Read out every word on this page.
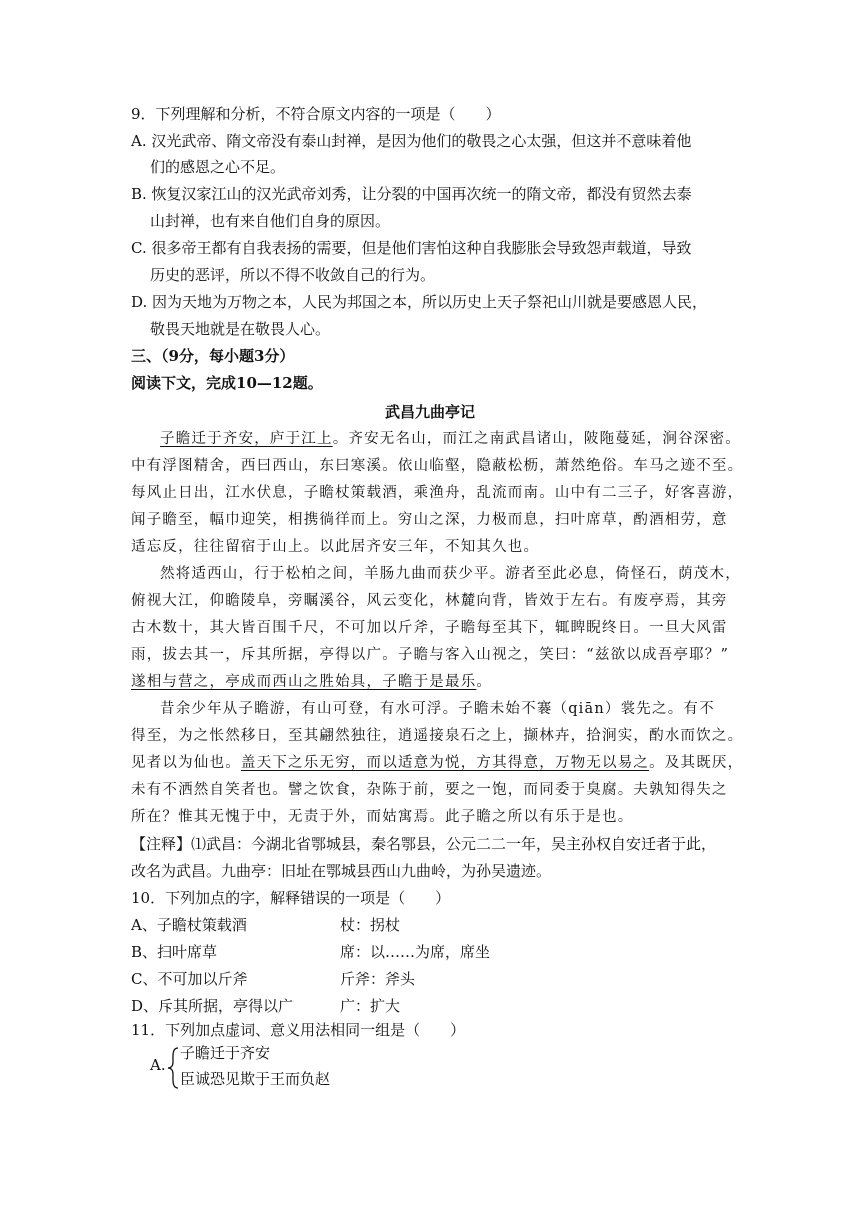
9．下列理解和分析，不符合原文内容的一项是（　　）
A. 汉光武帝、隋文帝没有泰山封禅，是因为他们的敬畏之心太强，但这并不意味着他
们的感恩之心不足。
B. 恢复汉家江山的汉光武帝刘秀，让分裂的中国再次统一的隋文帝，都没有贸然去泰
山封禅，也有来自他们自身的原因。
C. 很多帝王都有自我表扬的需要，但是他们害怕这种自我膨胀会导致怨声载道，导致
历史的恶评，所以不得不收敛自己的行为。
D. 因为天地为万物之本，人民为邦国之本，所以历史上天子祭祀山川就是要感恩人民，
敬畏天地就是在敬畏人心。
三、（9分，每小题3分）
阅读下文，完成10—12题。
武昌九曲亭记
子瞻迁于齐安，庐于江上。齐安无名山，而江之南武昌诸山，陂陁蔓延，涧谷深密。
中有浮图精舍，西曰西山，东曰寒溪。依山临壑，隐蔽松枥，萧然绝俗。车马之迹不至。
每风止日出，江水伏息，子瞻杖策载酒，乘渔舟，乱流而南。山中有二三子，好客喜游，
闻子瞻至，幅巾迎笑，相携徜徉而上。穷山之深，力极而息，扫叶席草，酌酒相劳，意
适忘反，往往留宿于山上。以此居齐安三年，不知其久也。
然将适西山，行于松柏之间，羊肠九曲而获少平。游者至此必息，倚怪石，荫茂木，
俯视大江，仰瞻陵阜，旁瞩溪谷，风云变化，林麓向背，皆效于左右。有废亭焉，其旁
古木数十，其大皆百围千尺，不可加以斤斧，子瞻每至其下，辄睥睨终日。一旦大风雷
雨，拔去其一，斥其所据，亭得以广。子瞻与客入山视之，笑曰：“兹欲以成吾亭耶？”
遂相与营之，亭成而西山之胜始具，子瞻于是最乐。
昔余少年从子瞻游，有山可登，有水可浮。子瞻未始不褰（qiān）裳先之。有不
得至，为之怅然移日，至其翩然独往，逍遥接泉石之上，撷林卉，拾涧实，酌水而饮之。
见者以为仙也。盖天下之乐无穷，而以适意为悦，方其得意，万物无以易之。及其既厌，
未有不洒然自笑者也。譬之饮食，杂陈于前，要之一饱，而同委于臭腐。夫孰知得失之
所在？惟其无愧于中，无责于外，而姑寓焉。此子瞻之所以有乐于是也。
【注释】⑴武昌：今湖北省鄂城县，秦名鄂县，公元二二一年，吴主孙权自安迁者于此，
改名为武昌。九曲亭：旧址在鄂城县西山九曲岭，为孙吴遗迹。
10．下列加点的字，解释错误的一项是（　　）
A、子瞻杖策载酒	杖：拐杖
B、扫叶席草	席：以……为席，席坐
C、不可加以斤斧	斤斧：斧头
D、斥其所据，亭得以广	广：扩大
11．下列加点虚词、意义用法相同一组是（　　）
A.
子瞻迁于齐安
臣诚恐见欺于王而负赵
